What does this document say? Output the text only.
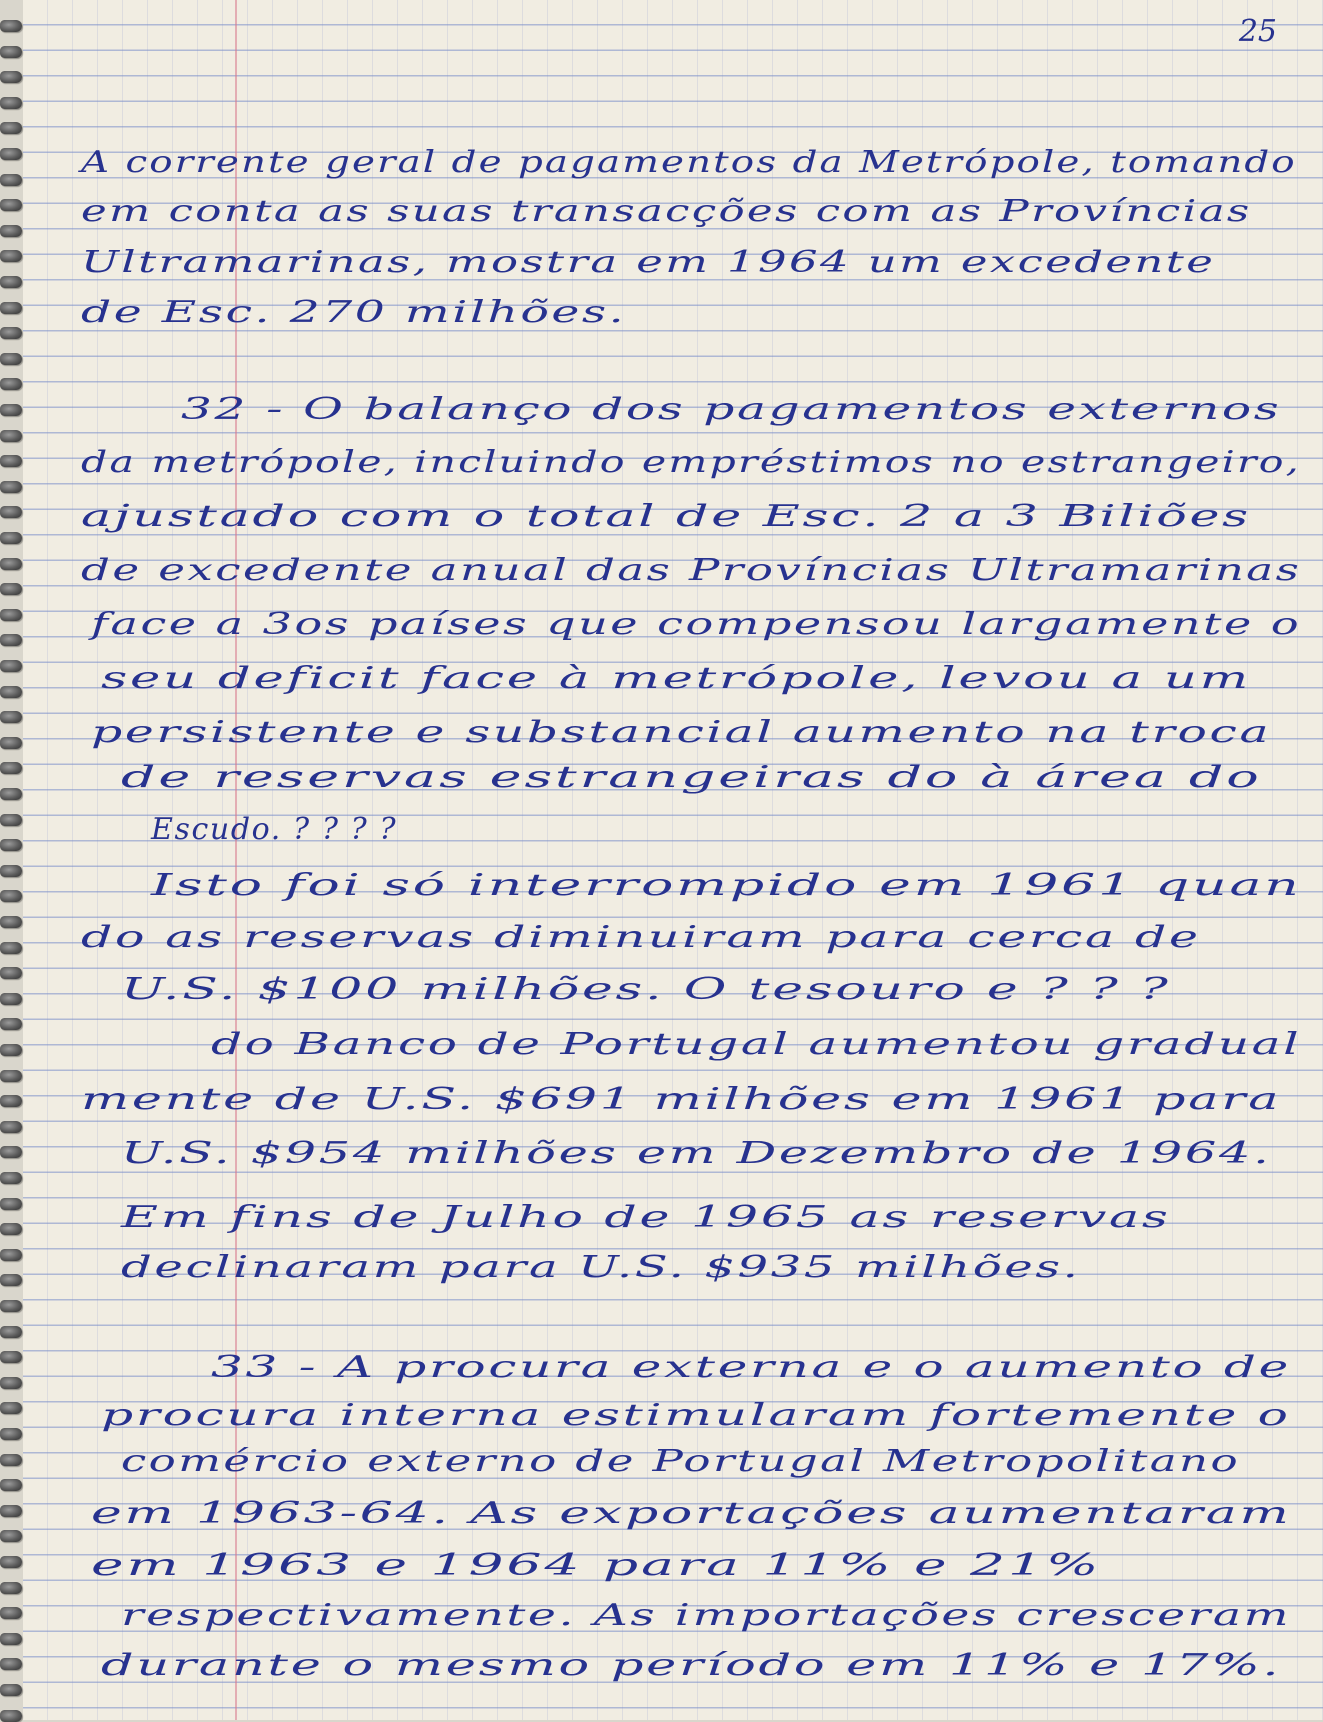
25
A corrente geral de pagamentos da Metrópole, tomando
em conta as suas transacções com as Províncias
Ultramarinas, mostra em 1964 um excedente
de Esc. 270 milhões.
32 - O balanço dos pagamentos externos
da metrópole, incluindo empréstimos no estrangeiro,
ajustado com o total de Esc. 2 a 3 Biliões
de excedente anual das Províncias Ultramarinas
face a 3os países que compensou largamente o
seu deficit face à metrópole, levou a um
persistente e substancial aumento na troca
de reservas estrangeiras do à área do
Escudo. ? ? ? ?
Isto foi só interrompido em 1961 quan
do as reservas diminuiram para cerca de
U.S. $100 milhões. O tesouro e ? ? ?
do Banco de Portugal aumentou gradual
mente de U.S. $691 milhões em 1961 para
U.S. $954 milhões em Dezembro de 1964.
Em fins de Julho de 1965 as reservas
declinaram para U.S. $935 milhões.
33 - A procura externa e o aumento de
procura interna estimularam fortemente o
comércio externo de Portugal Metropolitano
em 1963-64. As exportações aumentaram
em 1963 e 1964 para 11% e 21%
respectivamente. As importações cresceram
durante o mesmo período em 11% e 17%.
